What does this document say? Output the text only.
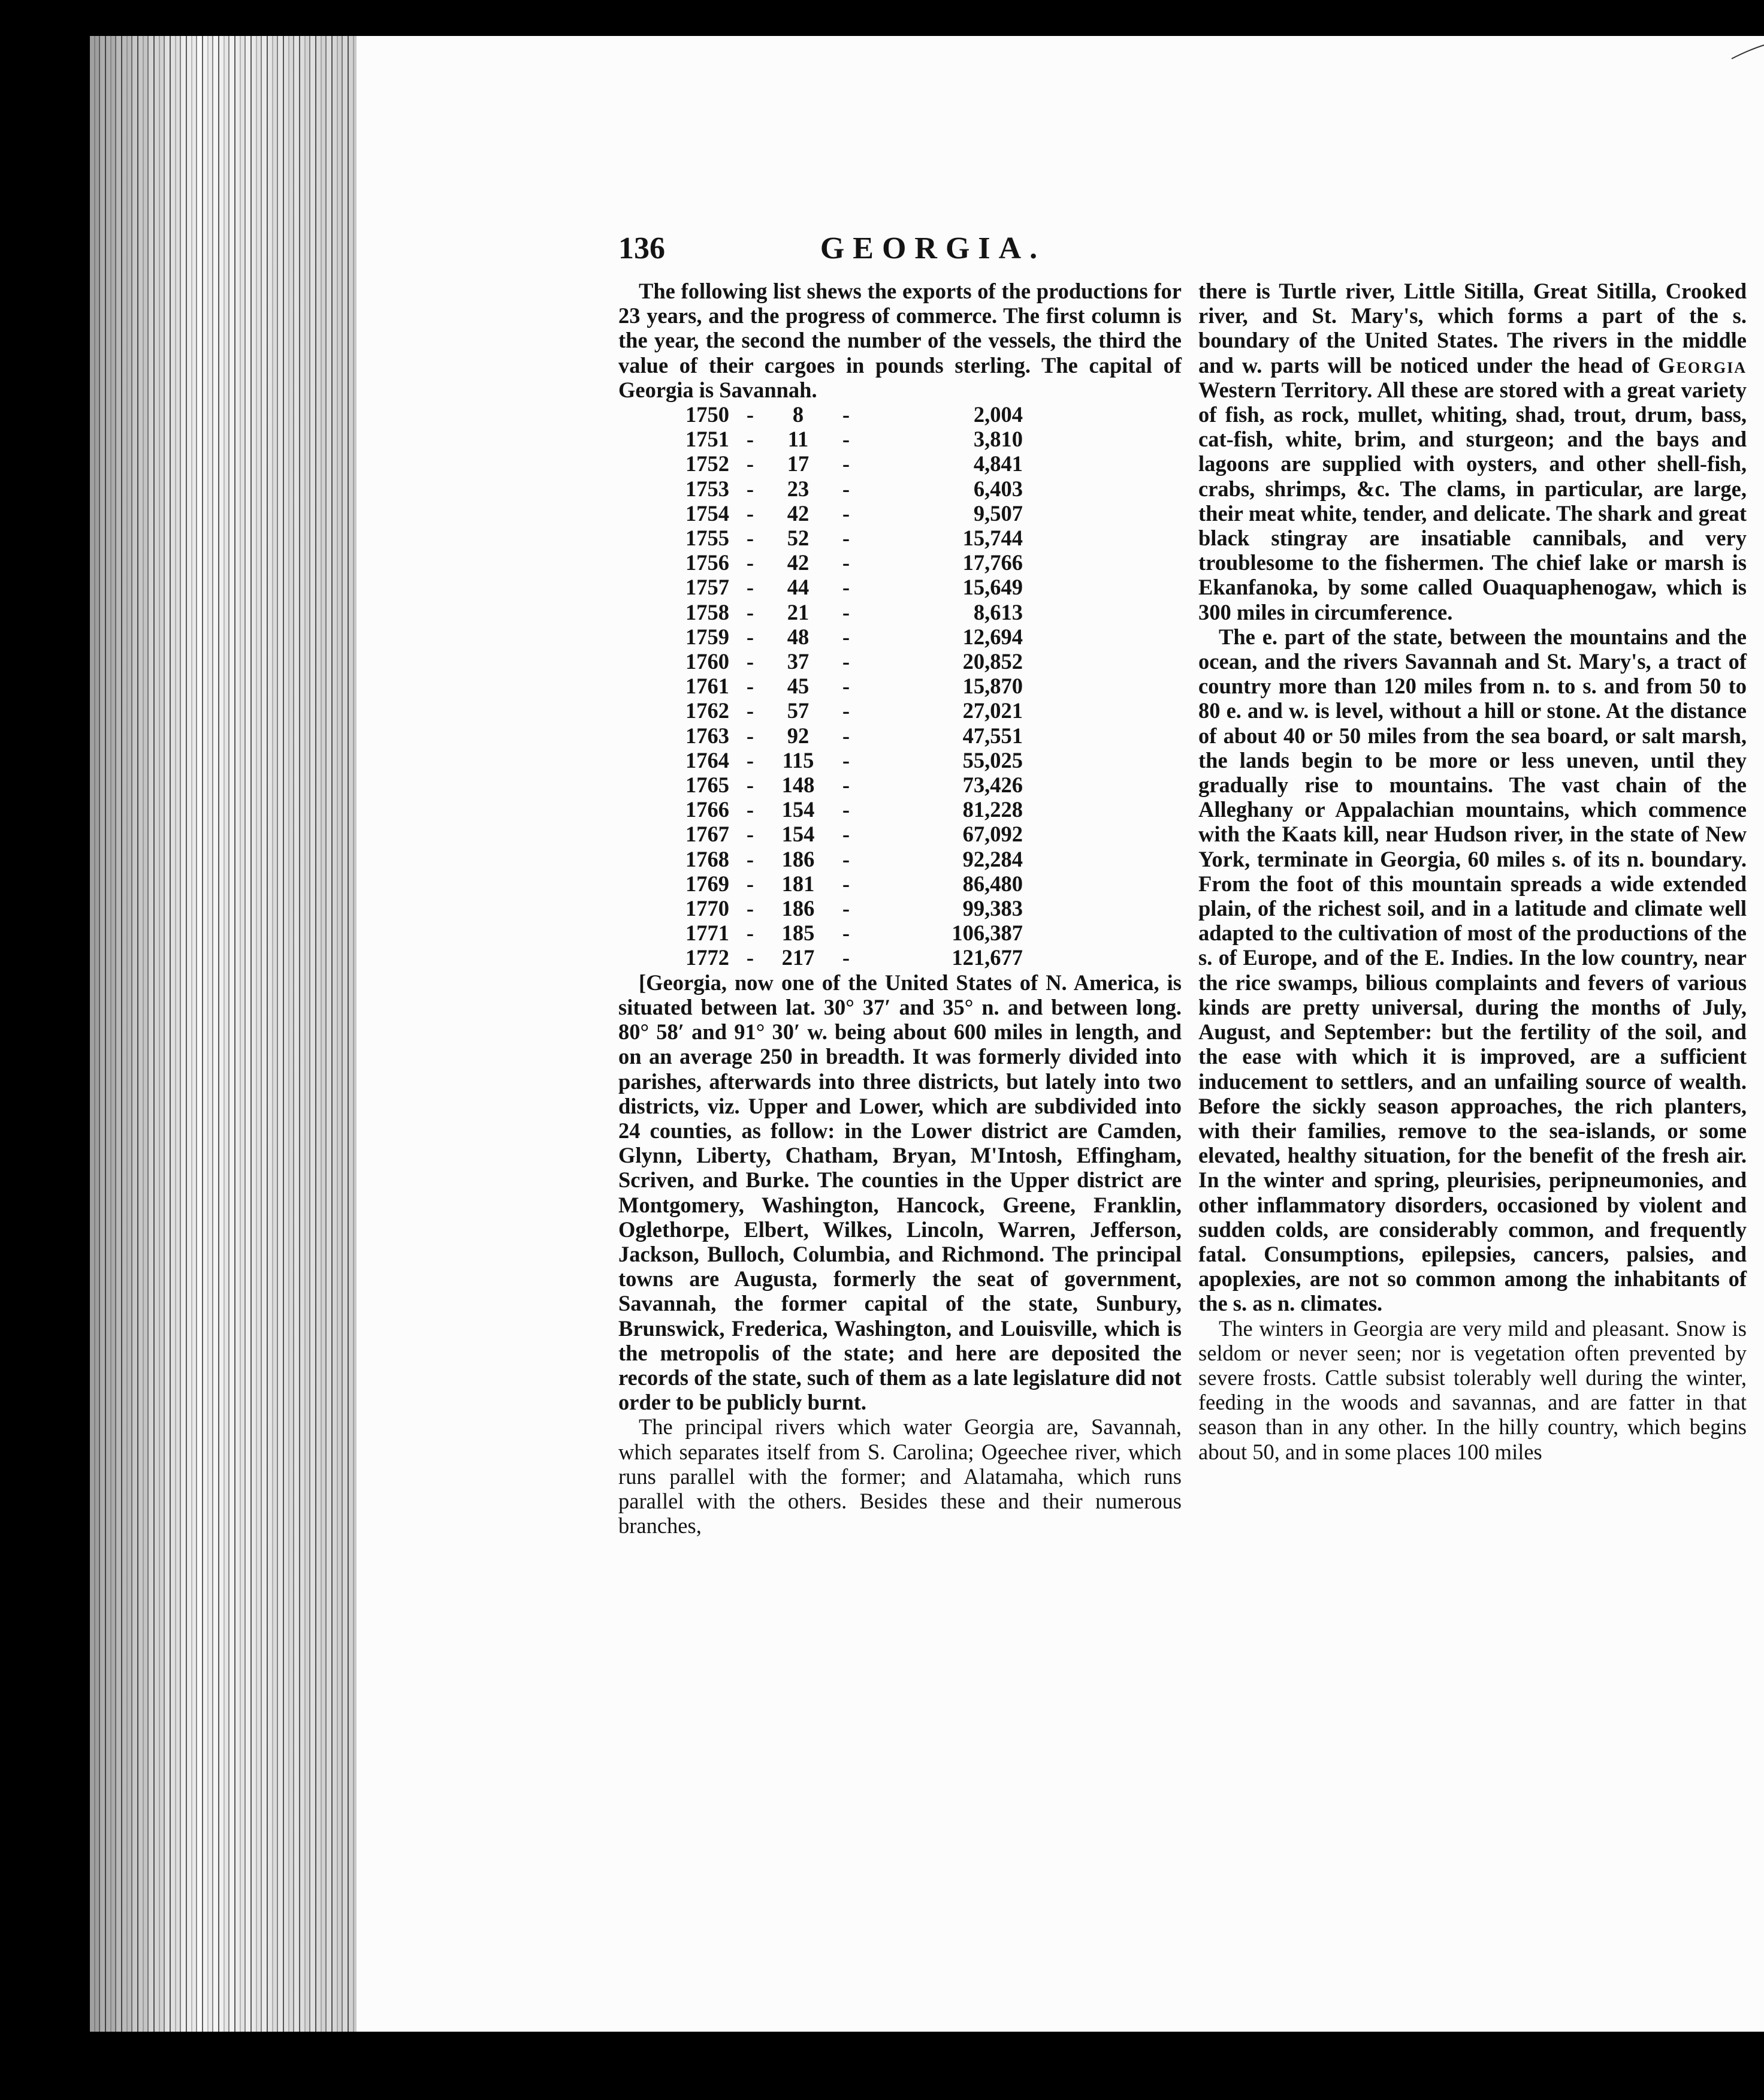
136	GEORGIA.

The following list shews the exports of the productions for 23 years, and the progress of commerce. The first column is the year, the second the number of the vessels, the third the value of their cargoes in pounds sterling. The capital of Georgia is Savannah.

1750	-	8	-	2,004
1751	-	11	-	3,810
1752	-	17	-	4,841
1753	-	23	-	6,403
1754	-	42	-	9,507
1755	-	52	-	15,744
1756	-	42	-	17,766
1757	-	44	-	15,649
1758	-	21	-	8,613
1759	-	48	-	12,694
1760	-	37	-	20,852
1761	-	45	-	15,870
1762	-	57	-	27,021
1763	-	92	-	47,551
1764	-	115	-	55,025
1765	-	148	-	73,426
1766	-	154	-	81,228
1767	-	154	-	67,092
1768	-	186	-	92,284
1769	-	181	-	86,480
1770	-	186	-	99,383
1771	-	185	-	106,387
1772	-	217	-	121,677

[Georgia, now one of the United States of N. America, is situated between lat. 30° 37′ and 35° n. and between long. 80° 58′ and 91° 30′ w. being about 600 miles in length, and on an average 250 in breadth. It was formerly divided into parishes, afterwards into three districts, but lately into two districts, viz. Upper and Lower, which are subdivided into 24 counties, as follow: in the Lower district are Camden, Glynn, Liberty, Chatham, Bryan, M'Intosh, Effingham, Scriven, and Burke. The counties in the Upper district are Montgomery, Washington, Hancock, Greene, Franklin, Oglethorpe, Elbert, Wilkes, Lincoln, Warren, Jefferson, Jackson, Bulloch, Columbia, and Richmond. The principal towns are Augusta, formerly the seat of government, Savannah, the former capital of the state, Sunbury, Brunswick, Frederica, Washington, and Louisville, which is the metropolis of the state; and here are deposited the records of the state, such of them as a late legislature did not order to be publicly burnt.

The principal rivers which water Georgia are, Savannah, which separates itself from S. Carolina; Ogeechee river, which runs parallel with the former; and Alatamaha, which runs parallel with the others. Besides these and their numerous branches,

there is Turtle river, Little Sitilla, Great Sitilla, Crooked river, and St. Mary's, which forms a part of the s. boundary of the United States. The rivers in the middle and w. parts will be noticed under the head of Georgia Western Territory. All these are stored with a great variety of fish, as rock, mullet, whiting, shad, trout, drum, bass, cat-fish, white, brim, and sturgeon; and the bays and lagoons are supplied with oysters, and other shell-fish, crabs, shrimps, &c. The clams, in particular, are large, their meat white, tender, and delicate. The shark and great black stingray are insatiable cannibals, and very troublesome to the fishermen. The chief lake or marsh is Ekanfanoka, by some called Ouaquaphenogaw, which is 300 miles in circumference.

The e. part of the state, between the mountains and the ocean, and the rivers Savannah and St. Mary's, a tract of country more than 120 miles from n. to s. and from 50 to 80 e. and w. is level, without a hill or stone. At the distance of about 40 or 50 miles from the sea board, or salt marsh, the lands begin to be more or less uneven, until they gradually rise to mountains. The vast chain of the Alleghany or Appalachian mountains, which commence with the Kaats kill, near Hudson river, in the state of New York, terminate in Georgia, 60 miles s. of its n. boundary. From the foot of this mountain spreads a wide extended plain, of the richest soil, and in a latitude and climate well adapted to the cultivation of most of the productions of the s. of Europe, and of the E. Indies. In the low country, near the rice swamps, bilious complaints and fevers of various kinds are pretty universal, during the months of July, August, and September: but the fertility of the soil, and the ease with which it is improved, are a sufficient inducement to settlers, and an unfailing source of wealth. Before the sickly season approaches, the rich planters, with their families, remove to the sea-islands, or some elevated, healthy situation, for the benefit of the fresh air. In the winter and spring, pleurisies, peripneumonies, and other inflammatory disorders, occasioned by violent and sudden colds, are considerably common, and frequently fatal. Consumptions, epilepsies, cancers, palsies, and apoplexies, are not so common among the inhabitants of the s. as n. climates.

The winters in Georgia are very mild and pleasant. Snow is seldom or never seen; nor is vegetation often prevented by severe frosts. Cattle subsist tolerably well during the winter, feeding in the woods and savannas, and are fatter in that season than in any other. In the hilly country, which begins about 50, and in some places 100 miles
